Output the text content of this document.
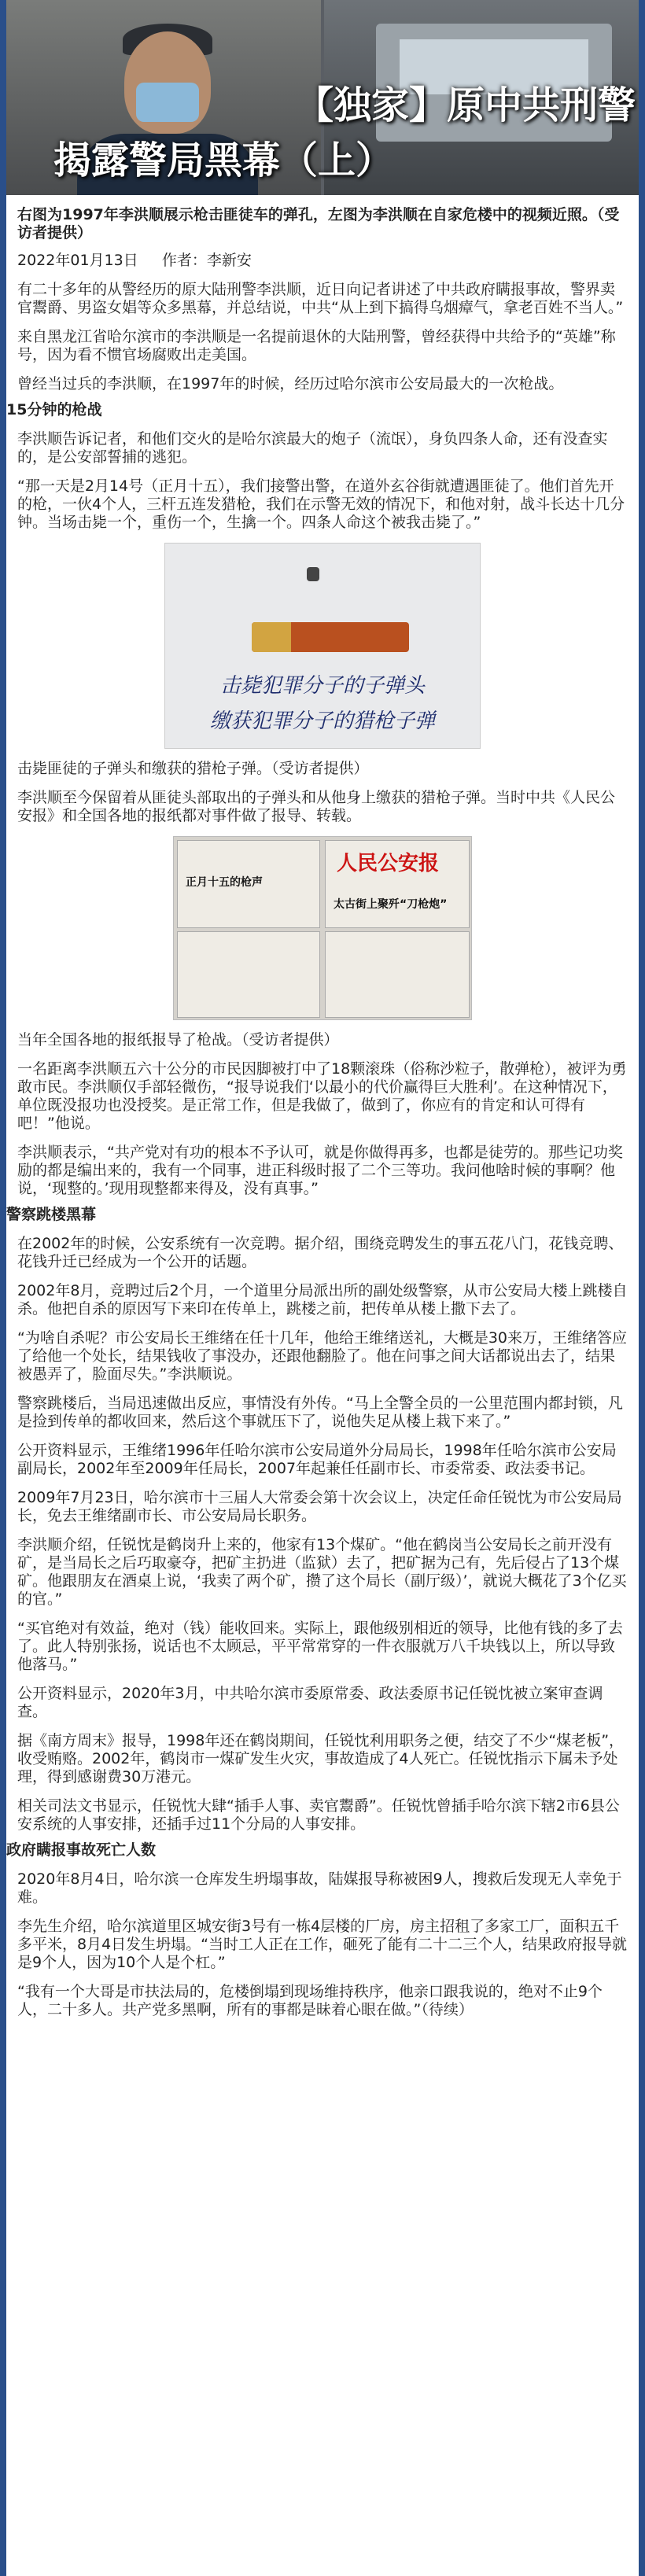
【独家】原中共刑警
揭露警局黑幕（上）

右图为1997年李洪顺展示枪击匪徒车的弹孔，左图为李洪顺在自家危楼中的视频近照。（受访者提供）

2022年01月13日 作者：李新安

有二十多年的从警经历的原大陆刑警李洪顺，近日向记者讲述了中共政府瞒报事故，警界卖官鬻爵、男盗女娼等众多黑幕，并总结说，中共“从上到下搞得乌烟瘴气，拿老百姓不当人。”

来自黑龙江省哈尔滨市的李洪顺是一名提前退休的大陆刑警，曾经获得中共给予的“英雄”称号，因为看不惯官场腐败出走美国。

曾经当过兵的李洪顺，在1997年的时候，经历过哈尔滨市公安局最大的一次枪战。

15分钟的枪战

李洪顺告诉记者，和他们交火的是哈尔滨最大的炮子（流氓），身负四条人命，还有没查实的，是公安部誓捕的逃犯。

“那一天是2月14号（正月十五），我们接警出警，在道外玄谷街就遭遇匪徒了。他们首先开的枪，一伙4个人，三杆五连发猎枪，我们在示警无效的情况下，和他对射，战斗长达十几分钟。当场击毙一个，重伤一个，生擒一个。四条人命这个被我击毙了。”

击毙犯罪分子的子弹头
缴获犯罪分子的猎枪子弹

击毙匪徒的子弹头和缴获的猎枪子弹。（受访者提供）

李洪顺至今保留着从匪徒头部取出的子弹头和从他身上缴获的猎枪子弹。当时中共《人民公安报》和全国各地的报纸都对事件做了报导、转载。

正月十五的枪声
人民公安报
太古街上聚歼“刀枪炮”

当年全国各地的报纸报导了枪战。（受访者提供）

一名距离李洪顺五六十公分的市民因脚被打中了18颗滚珠（俗称沙粒子，散弹枪），被评为勇敢市民。李洪顺仅手部轻微伤，“报导说我们‘以最小的代价赢得巨大胜利’。在这种情况下，单位既没报功也没授奖。是正常工作，但是我做了，做到了，你应有的肯定和认可得有吧！”他说。

李洪顺表示，“共产党对有功的根本不予认可，就是你做得再多，也都是徒劳的。那些记功奖励的都是编出来的，我有一个同事，进正科级时报了二个三等功。我问他啥时候的事啊？他说，‘现整的。’现用现整都来得及，没有真事。”

警察跳楼黑幕

在2002年的时候，公安系统有一次竞聘。据介绍，围绕竞聘发生的事五花八门，花钱竞聘、花钱升迁已经成为一个公开的话题。

2002年8月，竞聘过后2个月，一个道里分局派出所的副处级警察，从市公安局大楼上跳楼自杀。他把自杀的原因写下来印在传单上，跳楼之前，把传单从楼上撒下去了。

“为啥自杀呢？市公安局长王维绪在任十几年，他给王维绪送礼，大概是30来万，王维绪答应了给他一个处长，结果钱收了事没办，还跟他翻脸了。他在问事之间大话都说出去了，结果被愚弄了，脸面尽失。”李洪顺说。

警察跳楼后，当局迅速做出反应，事情没有外传。“马上全警全员的一公里范围内都封锁，凡是捡到传单的都收回来，然后这个事就压下了，说他失足从楼上栽下来了。”

公开资料显示，王维绪1996年任哈尔滨市公安局道外分局局长，1998年任哈尔滨市公安局副局长，2002年至2009年任局长，2007年起兼任任副市长、市委常委、政法委书记。

2009年7月23日，哈尔滨市十三届人大常委会第十次会议上，决定任命任锐忱为市公安局局长，免去王维绪副市长、市公安局局长职务。

李洪顺介绍，任锐忱是鹤岗升上来的，他家有13个煤矿。“他在鹤岗当公安局长之前开没有矿，是当局长之后巧取豪夺，把矿主扔进（监狱）去了，把矿据为己有，先后侵占了13个煤矿。他跟朋友在酒桌上说，‘我卖了两个矿，攒了这个局长（副厅级）’，就说大概花了3个亿买的官。”

“买官绝对有效益，绝对（钱）能收回来。实际上，跟他级别相近的领导，比他有钱的多了去了。此人特别张扬，说话也不太顾忌，平平常常穿的一件衣服就万八千块钱以上，所以导致他落马。”

公开资料显示，2020年3月，中共哈尔滨市委原常委、政法委原书记任锐忱被立案审查调查。

据《南方周末》报导，1998年还在鹤岗期间，任锐忱利用职务之便，结交了不少“煤老板”，收受贿赂。2002年，鹤岗市一煤矿发生火灾，事故造成了4人死亡。任锐忱指示下属未予处理，得到感谢费30万港元。

相关司法文书显示，任锐忱大肆“插手人事、卖官鬻爵”。任锐忱曾插手哈尔滨下辖2市6县公安系统的人事安排，还插手过11个分局的人事安排。

政府瞒报事故死亡人数

2020年8月4日，哈尔滨一仓库发生坍塌事故，陆媒报导称被困9人，搜救后发现无人幸免于难。

李先生介绍，哈尔滨道里区城安街3号有一栋4层楼的厂房，房主招租了多家工厂，面积五千多平米，8月4日发生坍塌。“当时工人正在工作，砸死了能有二十二三个人，结果政府报导就是9个人，因为10个人是个杠。”

“我有一个大哥是市扶法局的，危楼倒塌到现场维持秩序，他亲口跟我说的，绝对不止9个人，二十多人。共产党多黑啊，所有的事都是昧着心眼在做。”（待续）
